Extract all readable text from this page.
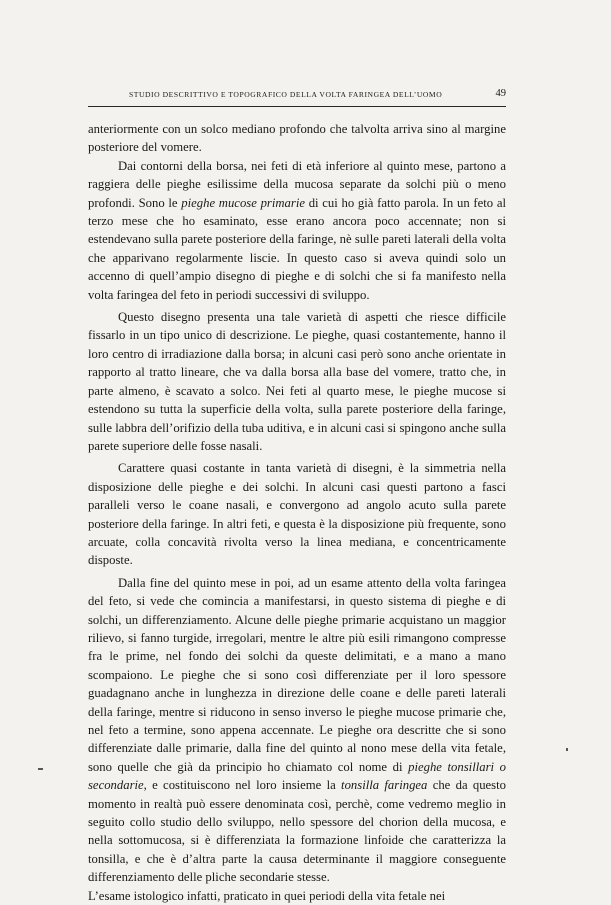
STUDIO DESCRITTIVO E TOPOGRAFICO DELLA VOLTA FARINGEA DELL’UOMO	49

anteriormente con un solco mediano profondo che talvolta arriva sino al margine posteriore del vomere.

Dai contorni della borsa, nei feti di età inferiore al quinto mese, partono a raggiera delle pieghe esilissime della mucosa separate da solchi più o meno profondi. Sono le pieghe mucose primarie di cui ho già fatto parola. In un feto al terzo mese che ho esaminato, esse erano ancora poco accennate; non si estendevano sulla parete posteriore della faringe, nè sulle pareti laterali della volta che apparivano regolarmente liscie. In questo caso si aveva quindi solo un accenno di quell’ampio disegno di pieghe e di solchi che si fa manifesto nella volta faringea del feto in periodi successivi di sviluppo.

Questo disegno presenta una tale varietà di aspetti che riesce difficile fissarlo in un tipo unico di descrizione. Le pieghe, quasi costantemente, hanno il loro centro di irradiazione dalla borsa; in alcuni casi però sono anche orientate in rapporto al tratto lineare, che va dalla borsa alla base del vomere, tratto che, in parte almeno, è scavato a solco. Nei feti al quarto mese, le pieghe mucose si estendono su tutta la superficie della volta, sulla parete posteriore della faringe, sulle labbra dell’orifizio della tuba uditiva, e in alcuni casi si spingono anche sulla parete superiore delle fosse nasali.

Carattere quasi costante in tanta varietà di disegni, è la simmetria nella disposizione delle pieghe e dei solchi. In alcuni casi questi partono a fasci paralleli verso le coane nasali, e convergono ad angolo acuto sulla parete posteriore della faringe. In altri feti, e questa è la disposizione più frequente, sono arcuate, colla concavità rivolta verso la linea mediana, e concentricamente disposte.

Dalla fine del quinto mese in poi, ad un esame attento della volta faringea del feto, si vede che comincia a manifestarsi, in questo sistema di pieghe e di solchi, un differenziamento. Alcune delle pieghe primarie acquistano un maggior rilievo, si fanno turgide, irregolari, mentre le altre più esili rimangono compresse fra le prime, nel fondo dei solchi da queste delimitati, e a mano a mano scompaiono. Le pieghe che si sono così differenziate per il loro spessore guadagnano anche in lunghezza in direzione delle coane e delle pareti laterali della faringe, mentre si riducono in senso inverso le pieghe mucose primarie che, nel feto a termine, sono appena accennate. Le pieghe ora descritte che si sono differenziate dalle primarie, dalla fine del quinto al nono mese della vita fetale, sono quelle che già da principio ho chiamato col nome di pieghe tonsillari o secondarie, e costituiscono nel loro insieme la tonsilla faringea che da questo momento in realtà può essere denominata così, perchè, come vedremo meglio in seguito collo studio dello sviluppo, nello spessore del chorion della mucosa, e nella sottomucosa, si è differenziata la formazione linfoide che caratterizza la tonsilla, e che è d’altra parte la causa determinante il maggiore conseguente differenziamento delle pliche secondarie stesse.

L’esame istologico infatti, praticato in quei periodi della vita fetale nei
